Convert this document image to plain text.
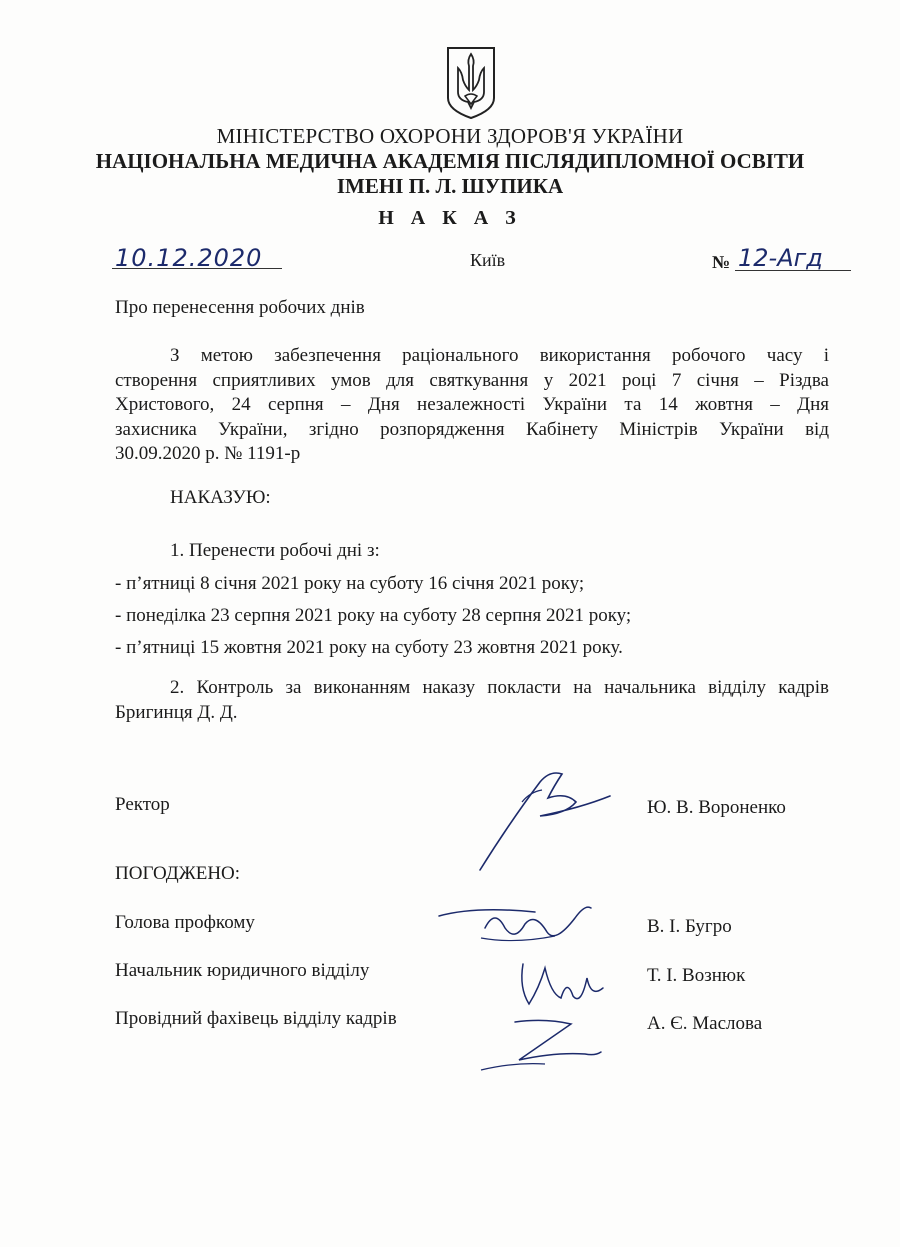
МІНІСТЕРСТВО ОХОРОНИ ЗДОРОВ'Я УКРАЇНИ
НАЦІОНАЛЬНА МЕДИЧНА АКАДЕМІЯ ПІСЛЯДИПЛОМНОЇ ОСВІТИ
ІМЕНІ П. Л. ШУПИКА
Н А К А З
10.12.2020	Київ	№ 12-Агд
Про перенесення робочих днів
З метою забезпечення раціонального використання робочого часу і
створення сприятливих умов для святкування у 2021 році 7 січня – Різдва
Христового, 24 серпня – Дня незалежності України та 14 жовтня – Дня
захисника України, згідно розпорядження Кабінету Міністрів України від
30.09.2020 р. № 1191-р
НАКАЗУЮ:
1. Перенести робочі дні з:
- п’ятниці 8 січня 2021 року на суботу 16 січня 2021 року;
- понеділка 23 серпня 2021 року на суботу 28 серпня 2021 року;
- п’ятниці 15 жовтня 2021 року на суботу 23 жовтня 2021 року.
2. Контроль за виконанням наказу покласти на начальника відділу кадрів
Бригинця Д. Д.
Ректор	Ю. В. Вороненко
ПОГОДЖЕНО:
Голова профкому	В. І. Бугро
Начальник юридичного відділу	Т. І. Вознюк
Провідний фахівець відділу кадрів	А. Є. Маслова
